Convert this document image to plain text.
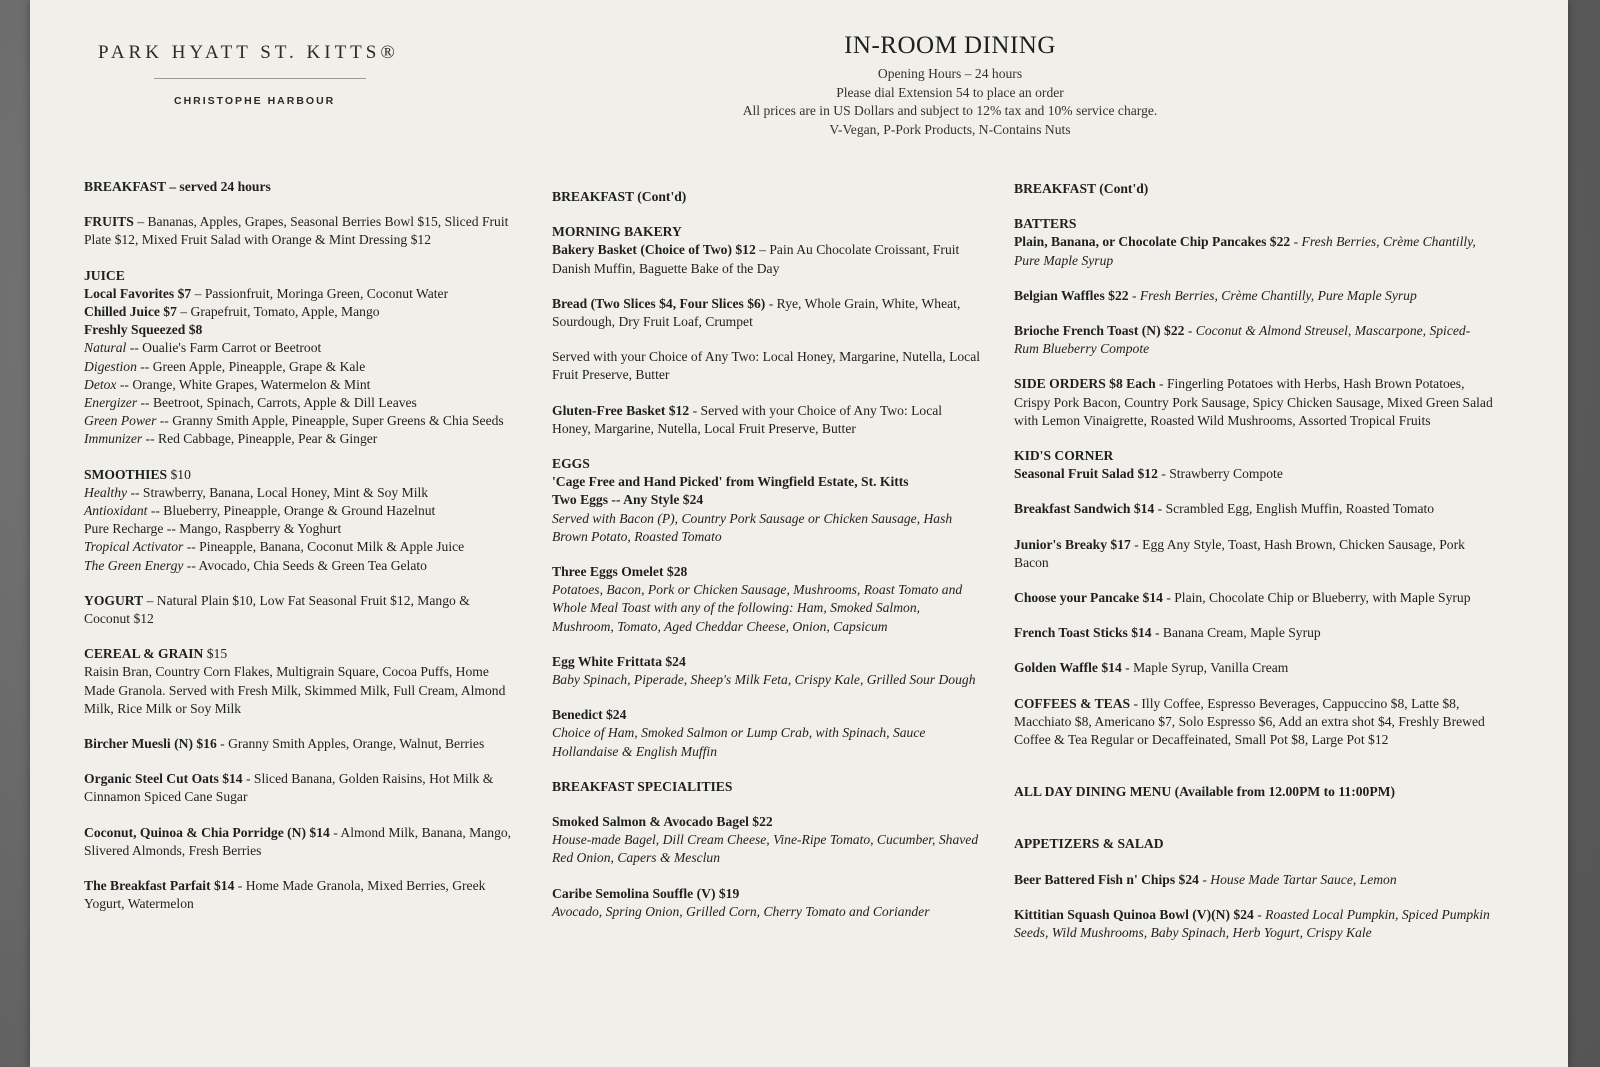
PARK HYATT ST. KITTS®
CHRISTOPHE HARBOUR
IN-ROOM DINING
Opening Hours – 24 hours
Please dial Extension 54 to place an order
All prices are in US Dollars and subject to 12% tax and 10% service charge.
V-Vegan, P-Pork Products, N-Contains Nuts
BREAKFAST – served 24 hours
FRUITS – Bananas, Apples, Grapes, Seasonal Berries Bowl $15, Sliced Fruit Plate $12, Mixed Fruit Salad with Orange & Mint Dressing $12
JUICE
Local Favorites $7 – Passionfruit, Moringa Green, Coconut Water
Chilled Juice $7 – Grapefruit, Tomato, Apple, Mango
Freshly Squeezed $8
Natural -- Oualie's Farm Carrot or Beetroot
Digestion -- Green Apple, Pineapple, Grape & Kale
Detox -- Orange, White Grapes, Watermelon & Mint
Energizer -- Beetroot, Spinach, Carrots, Apple & Dill Leaves
Green Power -- Granny Smith Apple, Pineapple, Super Greens & Chia Seeds
Immunizer -- Red Cabbage, Pineapple, Pear & Ginger
SMOOTHIES $10
Healthy -- Strawberry, Banana, Local Honey, Mint & Soy Milk
Antioxidant -- Blueberry, Pineapple, Orange & Ground Hazelnut
Pure Recharge -- Mango, Raspberry & Yoghurt
Tropical Activator -- Pineapple, Banana, Coconut Milk & Apple Juice
The Green Energy -- Avocado, Chia Seeds & Green Tea Gelato
YOGURT – Natural Plain $10, Low Fat Seasonal Fruit $12, Mango & Coconut $12
CEREAL & GRAIN $15
Raisin Bran, Country Corn Flakes, Multigrain Square, Cocoa Puffs, Home Made Granola. Served with Fresh Milk, Skimmed Milk, Full Cream, Almond Milk, Rice Milk or Soy Milk
Bircher Muesli (N) $16 - Granny Smith Apples, Orange, Walnut, Berries
Organic Steel Cut Oats $14 - Sliced Banana, Golden Raisins, Hot Milk & Cinnamon Spiced Cane Sugar
Coconut, Quinoa & Chia Porridge (N) $14 - Almond Milk, Banana, Mango, Slivered Almonds, Fresh Berries
The Breakfast Parfait $14 - Home Made Granola, Mixed Berries, Greek Yogurt, Watermelon
BREAKFAST (Cont'd)
MORNING BAKERY
Bakery Basket (Choice of Two) $12 – Pain Au Chocolate Croissant, Fruit Danish Muffin, Baguette Bake of the Day
Bread (Two Slices $4, Four Slices $6) - Rye, Whole Grain, White, Wheat, Sourdough, Dry Fruit Loaf, Crumpet
Served with your Choice of Any Two: Local Honey, Margarine, Nutella, Local Fruit Preserve, Butter
Gluten-Free Basket $12 - Served with your Choice of Any Two: Local Honey, Margarine, Nutella, Local Fruit Preserve, Butter
EGGS
'Cage Free and Hand Picked' from Wingfield Estate, St. Kitts
Two Eggs -- Any Style $24
Served with Bacon (P), Country Pork Sausage or Chicken Sausage, Hash Brown Potato, Roasted Tomato
Three Eggs Omelet $28
Potatoes, Bacon, Pork or Chicken Sausage, Mushrooms, Roast Tomato and Whole Meal Toast with any of the following: Ham, Smoked Salmon, Mushroom, Tomato, Aged Cheddar Cheese, Onion, Capsicum
Egg White Frittata $24
Baby Spinach, Piperade, Sheep's Milk Feta, Crispy Kale, Grilled Sour Dough
Benedict $24
Choice of Ham, Smoked Salmon or Lump Crab, with Spinach, Sauce Hollandaise & English Muffin
BREAKFAST SPECIALITIES
Smoked Salmon & Avocado Bagel $22
House-made Bagel, Dill Cream Cheese, Vine-Ripe Tomato, Cucumber, Shaved Red Onion, Capers & Mesclun
Caribe Semolina Souffle (V) $19
Avocado, Spring Onion, Grilled Corn, Cherry Tomato and Coriander
BREAKFAST (Cont'd)
BATTERS
Plain, Banana, or Chocolate Chip Pancakes $22 - Fresh Berries, Crème Chantilly, Pure Maple Syrup
Belgian Waffles $22 - Fresh Berries, Crème Chantilly, Pure Maple Syrup
Brioche French Toast (N) $22 - Coconut & Almond Streusel, Mascarpone, Spiced-Rum Blueberry Compote
SIDE ORDERS $8 Each - Fingerling Potatoes with Herbs, Hash Brown Potatoes, Crispy Pork Bacon, Country Pork Sausage, Spicy Chicken Sausage, Mixed Green Salad with Lemon Vinaigrette, Roasted Wild Mushrooms, Assorted Tropical Fruits
KID'S CORNER
Seasonal Fruit Salad $12 - Strawberry Compote
Breakfast Sandwich $14 - Scrambled Egg, English Muffin, Roasted Tomato
Junior's Breaky $17 - Egg Any Style, Toast, Hash Brown, Chicken Sausage, Pork Bacon
Choose your Pancake $14 - Plain, Chocolate Chip or Blueberry, with Maple Syrup
French Toast Sticks $14 - Banana Cream, Maple Syrup
Golden Waffle $14 - Maple Syrup, Vanilla Cream
COFFEES & TEAS - Illy Coffee, Espresso Beverages, Cappuccino $8, Latte $8, Macchiato $8, Americano $7, Solo Espresso $6, Add an extra shot $4, Freshly Brewed Coffee & Tea Regular or Decaffeinated, Small Pot $8, Large Pot $12
ALL DAY DINING MENU (Available from 12.00PM to 11:00PM)
APPETIZERS & SALAD
Beer Battered Fish n' Chips $24 - House Made Tartar Sauce, Lemon
Kittitian Squash Quinoa Bowl (V)(N) $24 - Roasted Local Pumpkin, Spiced Pumpkin Seeds, Wild Mushrooms, Baby Spinach, Herb Yogurt, Crispy Kale
